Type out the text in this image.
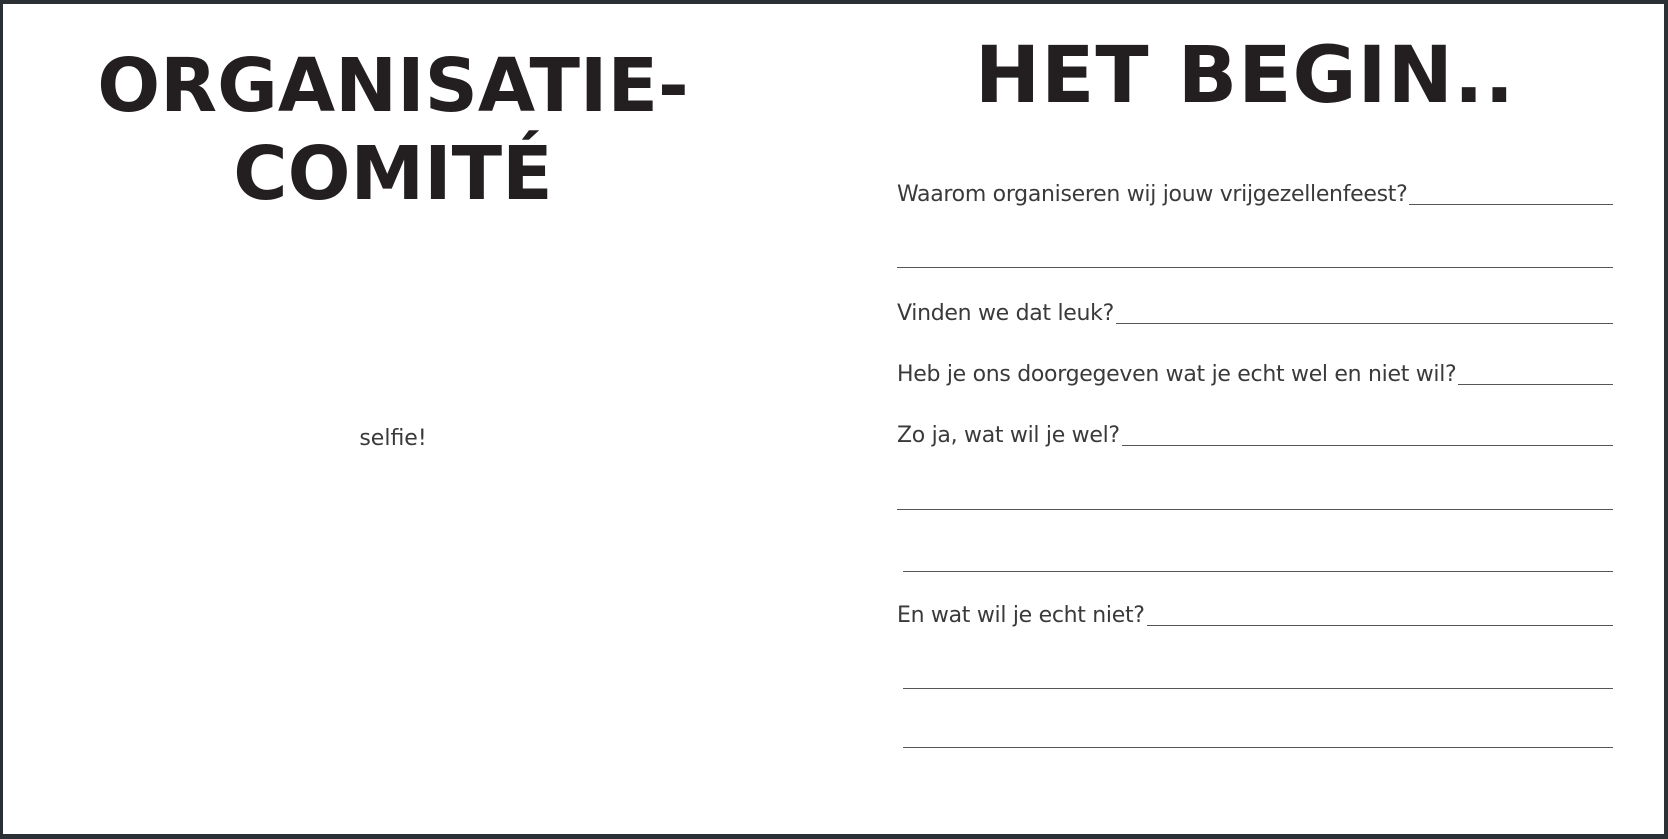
ORGANISATIE-
COMITÉ
selfie!
HET BEGIN..
Waarom organiseren wij jouw vrijgezellenfeest?
Vinden we dat leuk?
Heb je ons doorgegeven wat je echt wel en niet wil?
Zo ja, wat wil je wel?
En wat wil je echt niet?
